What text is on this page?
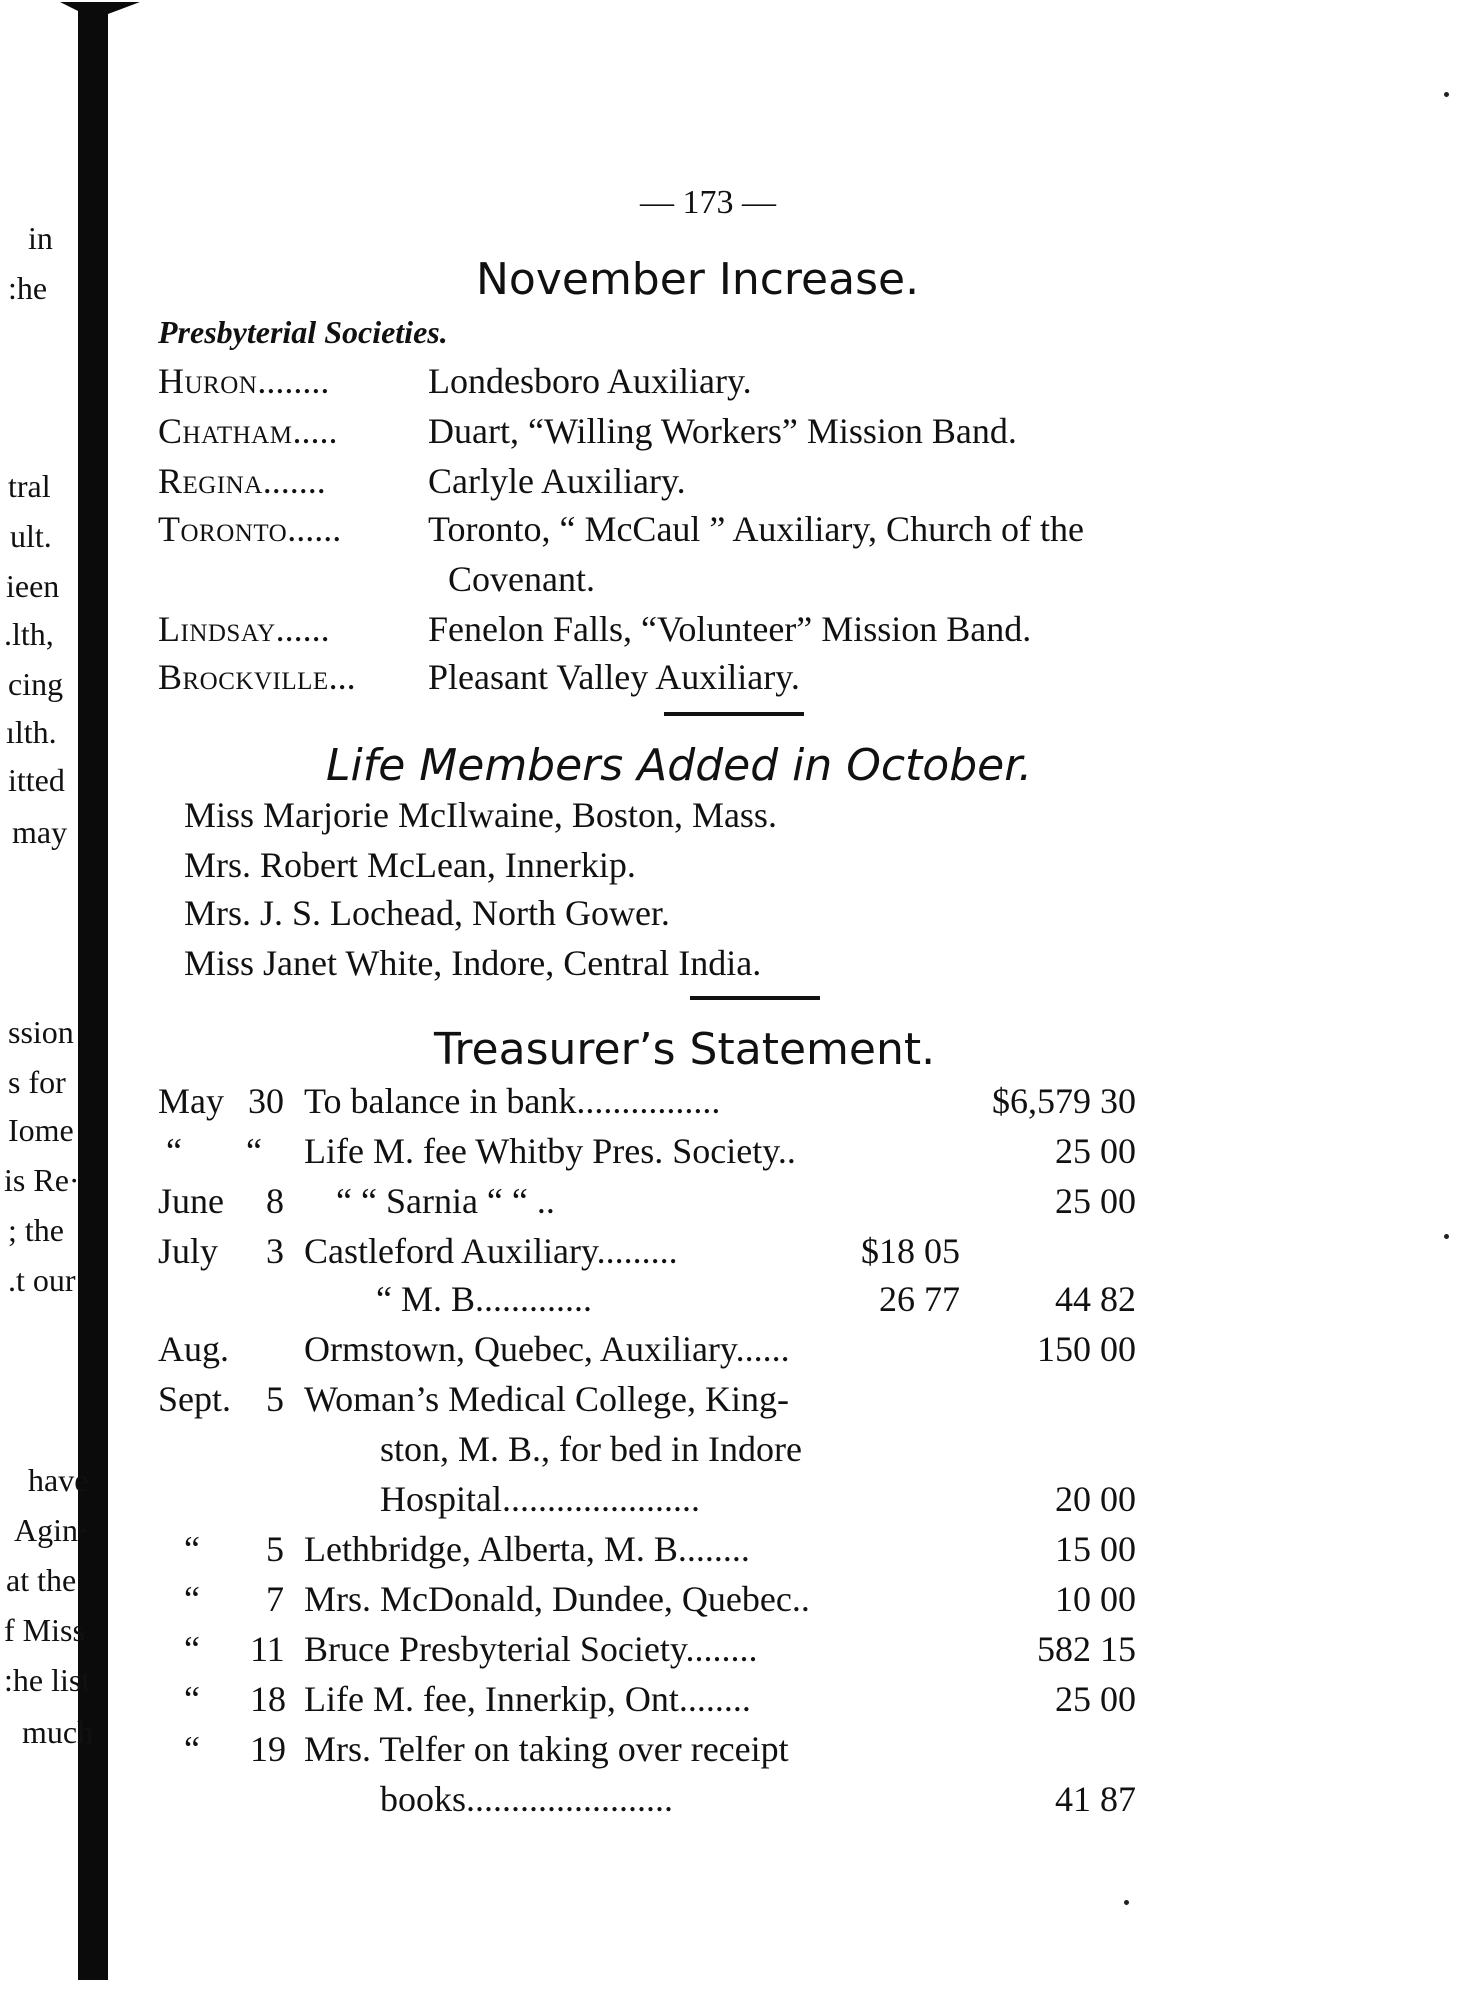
in
:he
tral
ult.
ieen
.lth,
cing
ılth.
itted
may
ssion
s for
Iome
is Re·
; the
.t our
have
Agin·
at the
f Miss
:he list
much
— 173 —
November Increase.
Presbyterial Societies.
Huron........	Londesboro Auxiliary.
Chatham.....	Duart, “Willing Workers” Mission Band.
Regina.......	Carlyle Auxiliary.
Toronto...... Toronto, “ McCaul ” Auxiliary, Church of the
Covenant.
Lindsay......	Fenelon Falls, “Volunteer” Mission Band.
Brockville... Pleasant Valley Auxiliary.
Life Members Added in October.
Miss Marjorie McIlwaine, Boston, Mass.
Mrs. Robert McLean, Innerkip.
Mrs. J. S. Lochead, North Gower.
Miss Janet White, Indore, Central India.
Treasurer’s Statement.
May 30 To balance in bank................	$6,579 30
“ “ Life M. fee Whitby Pres. Society..	25 00
June 8 “ “ Sarnia “ “ ..	25 00
July 3 Castleford Auxiliary.........	$18 05
“ M. B.............	26 77	44 82
Aug. Ormstown, Quebec, Auxiliary......	150 00
Sept. 5 Woman’s Medical College, King-
ston, M. B., for bed in Indore
Hospital......................	20 00
“ 5 Lethbridge, Alberta, M. B........	15 00
“ 7 Mrs. McDonald, Dundee, Quebec..	10 00
“ 11 Bruce Presbyterial Society........	582 15
“ 18 Life M. fee, Innerkip, Ont........	25 00
“ 19 Mrs. Telfer on taking over receipt
books.......................	41 87
